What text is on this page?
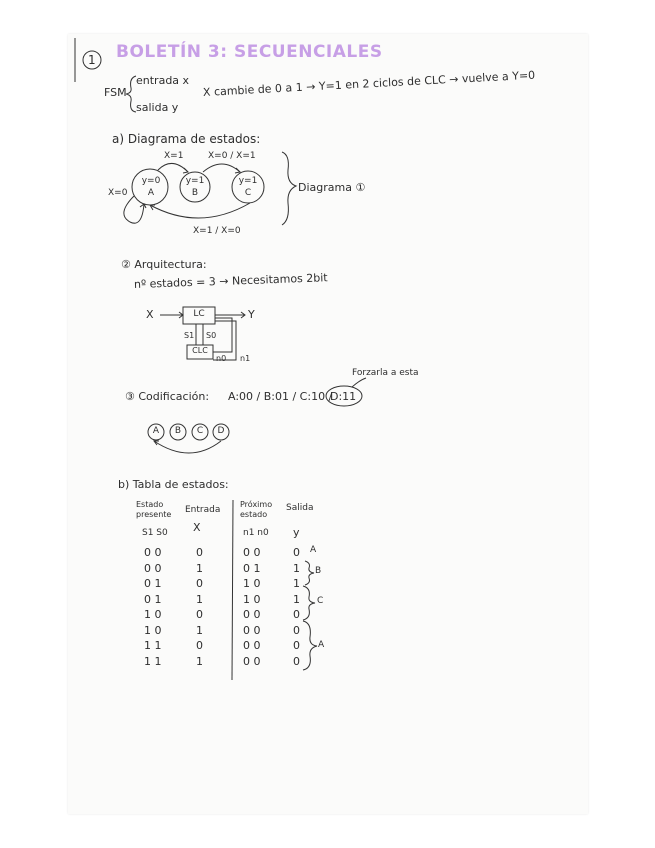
1 BOLETÍN 3: SECUENCIALES
FSM
entrada x
salida y
X cambie de 0 a 1 → Y=1 en 2 ciclos de CLC → vuelve a Y=0
a) Diagrama de estados:
y=0
A
y=1
B
y=1
C
X=1	X=0 / X=1
X=1 / X=0
X=0	Diagrama ①
② Arquitectura:
nº estados = 3 → Necesitamos 2bit
X	LC	Y
S1 S0
CLC
n0 n1
③ Codificación: A:00 / B:01 / C:10 /
D:11
Forzarla a esta
A	B	C	D
b) Tabla de estados:
Estado presente	Entrada
Próximo estado
Salida
S1 S0 X	n1 n0 y
0 0	0	0 0	0
0 0	1	0 1	1
0 1	0	1 0	1
0 1	1	1 0	1
1 0	0	0 0	0
1 0	1	0 0	0
1 1	0	0 0	0
1 1	1	0 0	0
A
B
C
A
